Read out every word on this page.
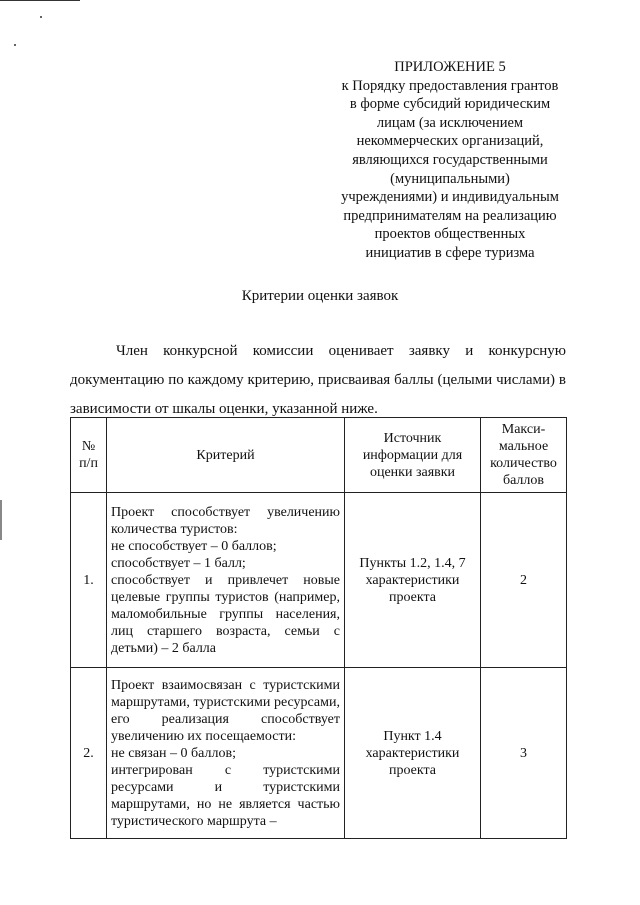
ПРИЛОЖЕНИЕ 5
к Порядку предоставления грантов
в форме субсидий юридическим
лицам (за исключением
некоммерческих организаций,
являющихся государственными
(муниципальными)
учреждениями) и индивидуальным
предпринимателям на реализацию
проектов общественных
инициатив в сфере туризма
Критерии оценки заявок
Член конкурсной комиссии оценивает заявку и конкурсную документацию по каждому критерию, присваивая баллы (целыми числами) в зависимости от шкалы оценки, указанной ниже.
№ п/п	Критерий	Источник информации для оценки заявки	Макси-мальное количество баллов
1.	Проект способствует увеличению количества туристов:
не способствует – 0 баллов;
способствует – 1 балл;
способствует и привлечет новые целевые группы туристов (например, маломобильные группы населения, лиц старшего возраста, семьи с детьми) – 2 балла	Пункты 1.2, 1.4, 7 характеристики проекта	2
2.	Проект взаимосвязан с туристскими маршрутами, туристскими ресурсами, его реализация способствует увеличению их посещаемости:
не связан – 0 баллов;
интегрирован с туристскими ресурсами и туристскими маршрутами, но не является частью туристического маршрута –	Пункт 1.4 характеристики проекта	3
